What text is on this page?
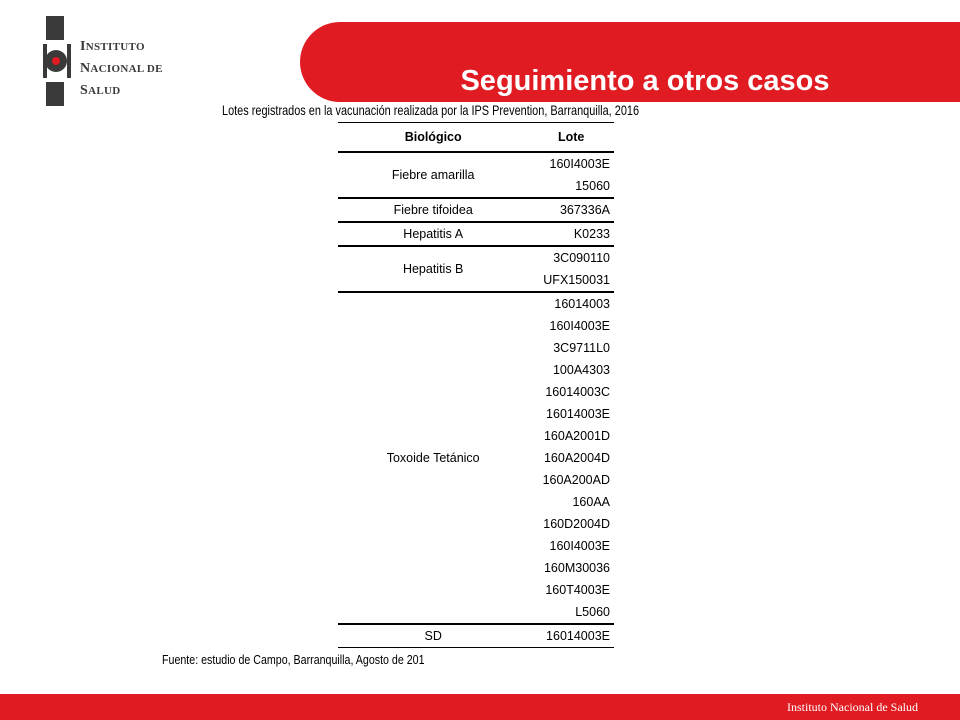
INSTITUTO
NACIONAL DE
SALUD	Seguimiento a otros casos
Lotes registrados en la vacunación realizada por la IPS Prevention, Barranquilla, 2016
Biológico	Lote
Fiebre amarilla	160I4003E
	15060
Fiebre tifoidea	367336A
Hepatitis A	K0233
Hepatitis B	3C090110
	UFX150031
Toxoide Tetánico	16014003
	160I4003E
	3C9711L0
	100A4303
	16014003C
	16014003E
	160A2001D
	160A2004D
	160A200AD
	160AA
	160D2004D
	160I4003E
	160M30036
	160T4003E
	L5060
SD	16014003E
Fuente: estudio de Campo, Barranquilla, Agosto de 201
Instituto Nacional de Salud
